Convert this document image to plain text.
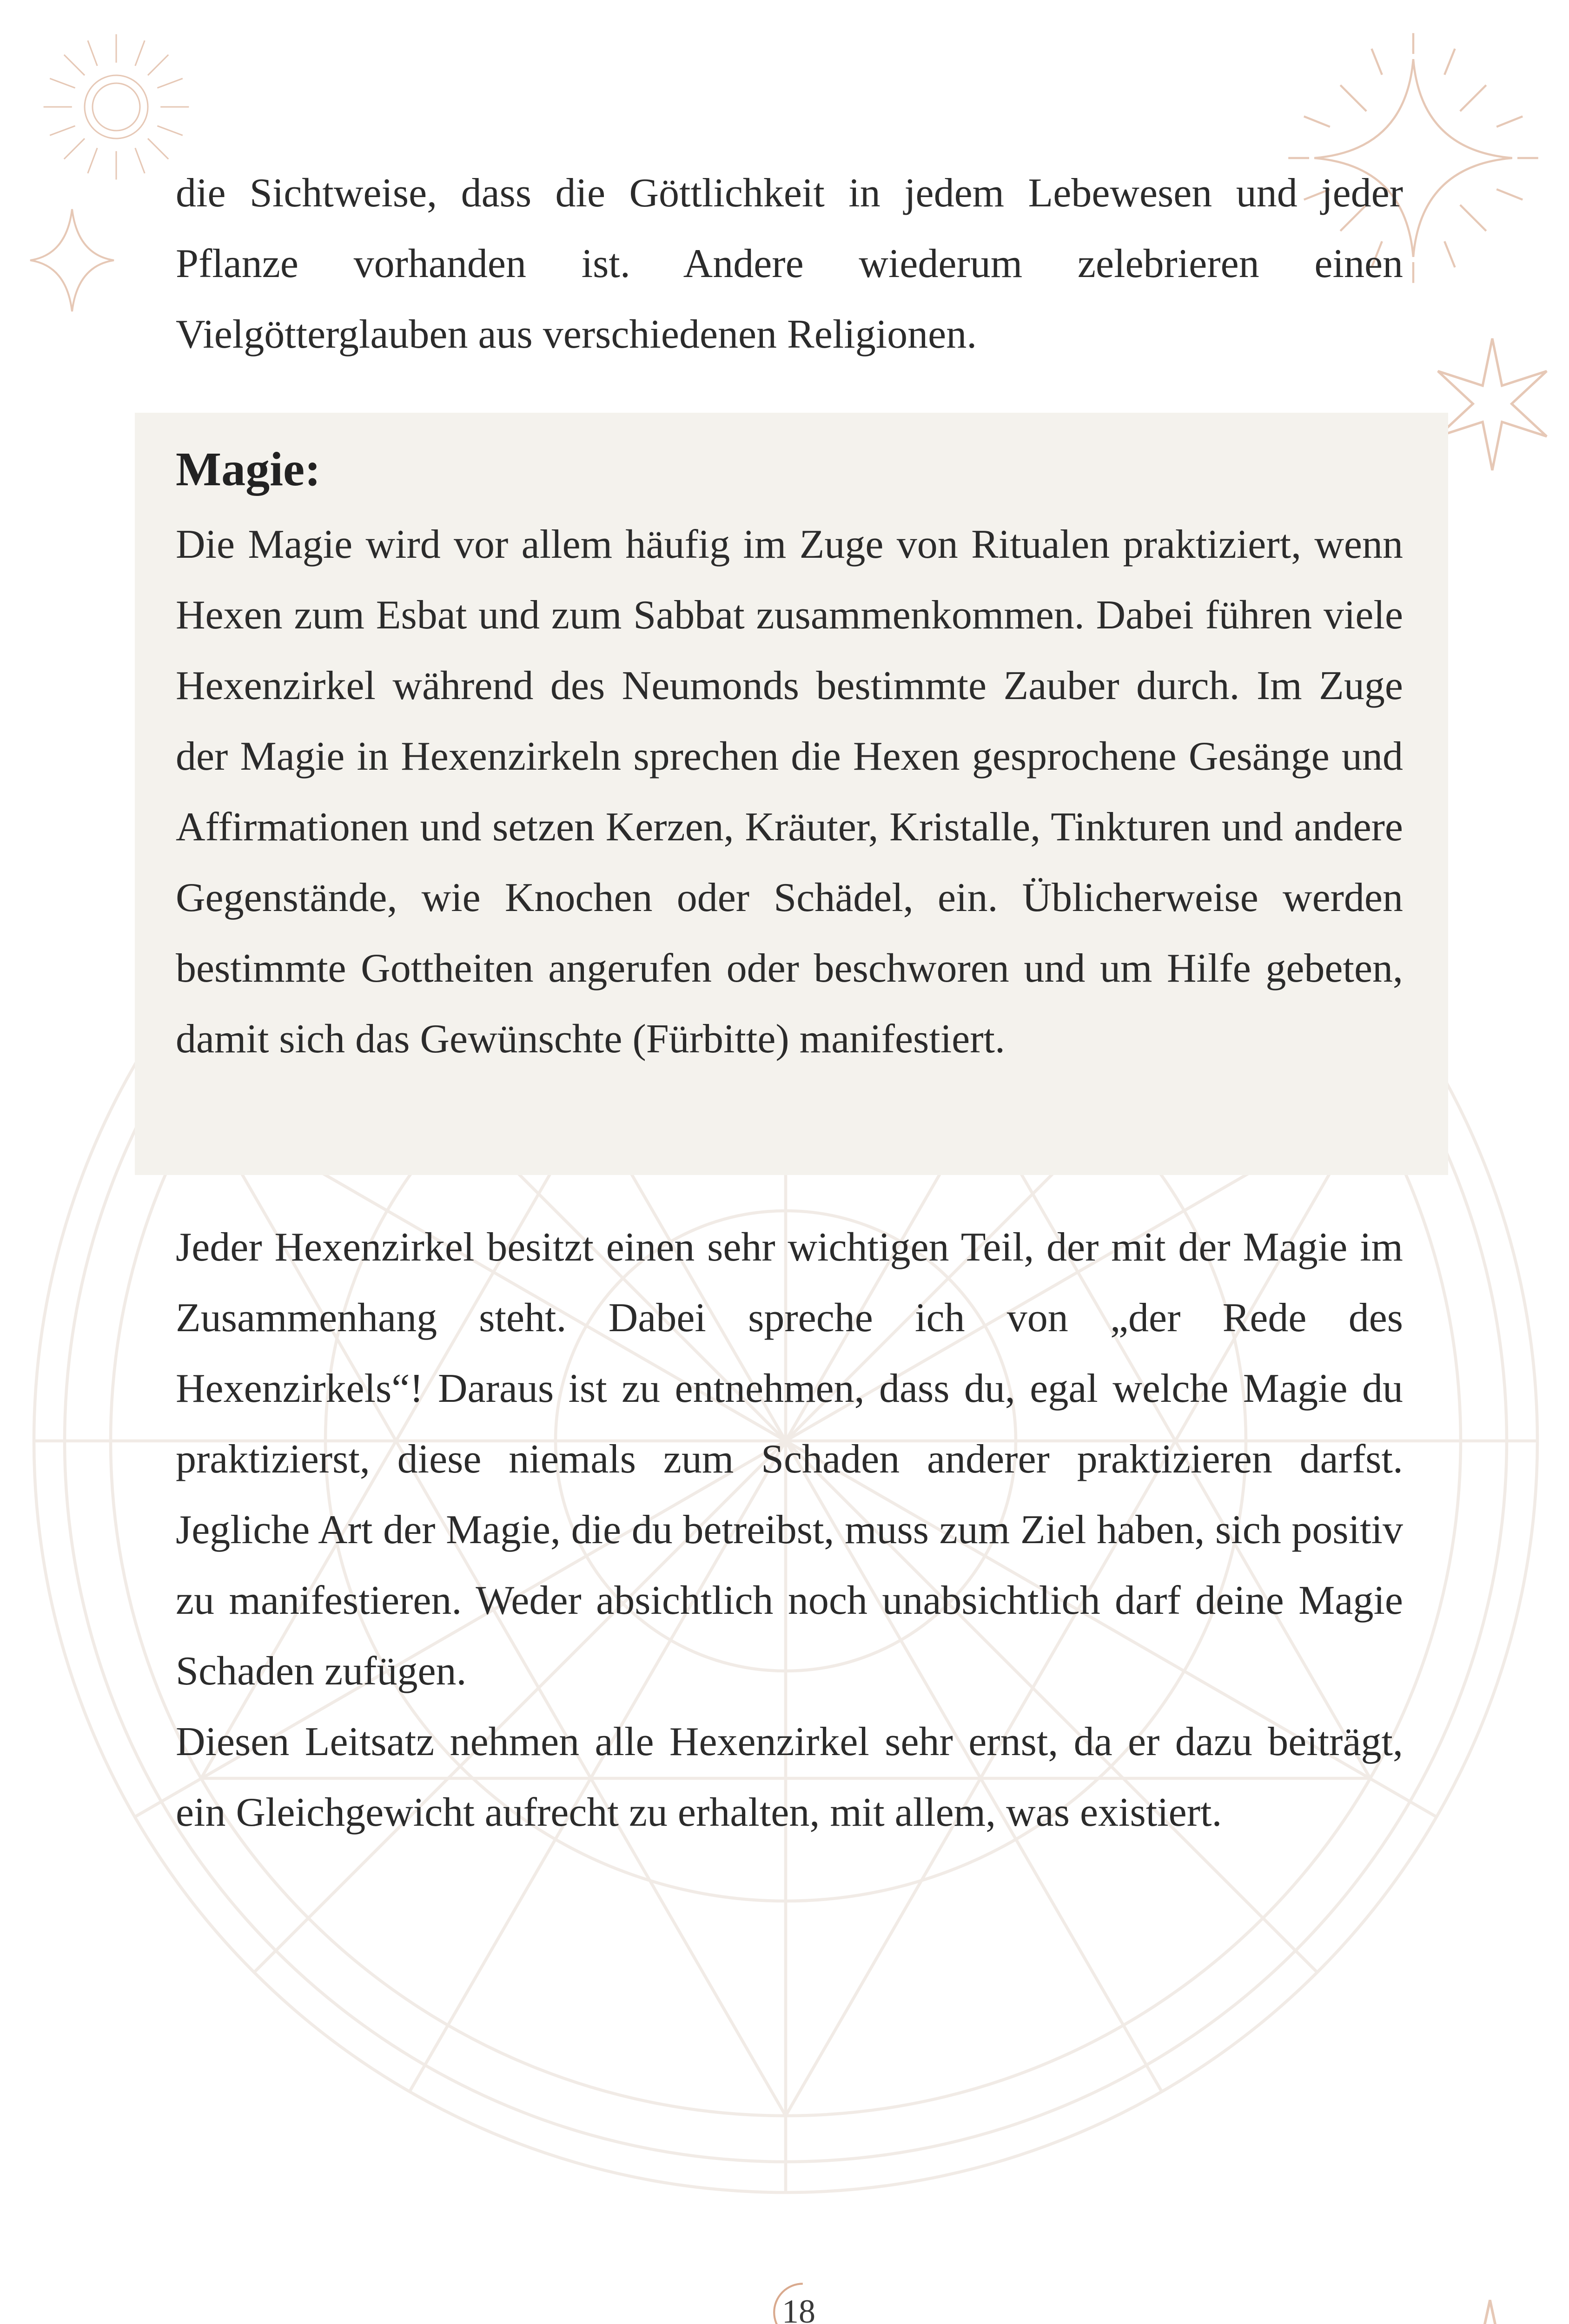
die Sichtweise, dass die Göttlichkeit in jedem Lebewesen und jeder Pflanze vorhanden ist. Andere wiederum zelebrieren einen Vielgötterglauben aus verschiedenen Religionen.

Magie:

Die Magie wird vor allem häufig im Zuge von Ritualen praktiziert, wenn Hexen zum Esbat und zum Sabbat zusammenkommen. Dabei führen viele Hexenzirkel während des Neumonds bestimmte Zauber durch. Im Zuge der Magie in Hexenzirkeln sprechen die Hexen gesprochene Gesänge und Affirmationen und setzen Kerzen, Kräuter, Kristalle, Tinkturen und andere Gegenstände, wie Knochen oder Schädel, ein. Üblicherweise werden bestimmte Gottheiten angerufen oder beschworen und um Hilfe gebeten, damit sich das Gewünschte (Fürbitte) manifestiert.

Jeder Hexenzirkel besitzt einen sehr wichtigen Teil, der mit der Magie im Zusammenhang steht. Dabei spreche ich von „der Rede des Hexenzirkels“! Daraus ist zu entnehmen, dass du, egal welche Magie du praktizierst, diese niemals zum Schaden anderer praktizieren darfst. Jegliche Art der Magie, die du betreibst, muss zum Ziel haben, sich positiv zu manifestieren. Weder absichtlich noch unabsichtlich darf deine Magie Schaden zufügen.

Diesen Leitsatz nehmen alle Hexenzirkel sehr ernst, da er dazu beiträgt, ein Gleichgewicht aufrecht zu erhalten, mit allem, was existiert.

18
